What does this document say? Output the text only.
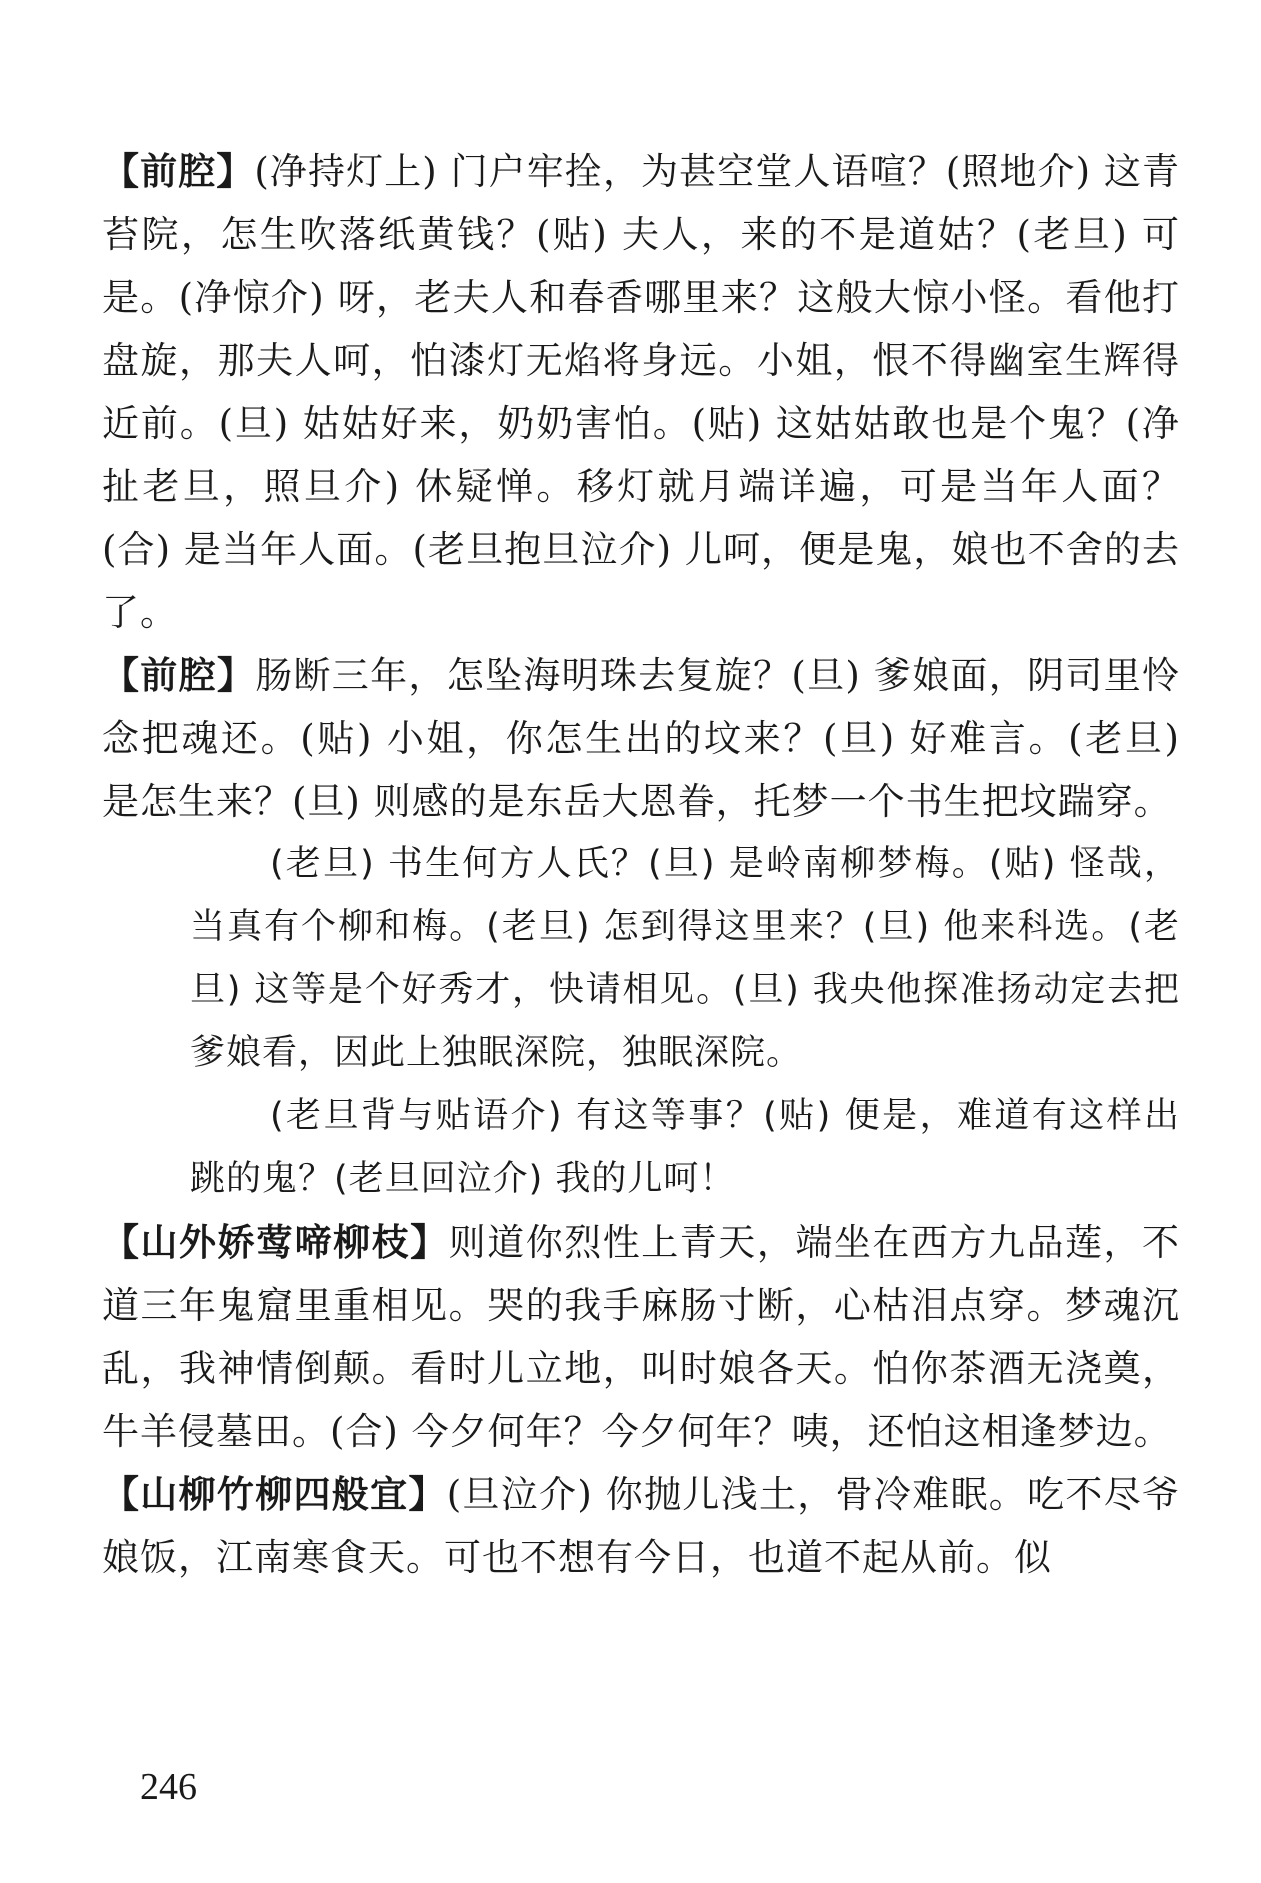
【前腔】(净持灯上) 门户牢拴，为甚空堂人语喧？(照地介) 这青苔院，怎生吹落纸黄钱？(贴) 夫人，来的不是道姑？(老旦) 可是。(净惊介) 呀，老夫人和春香哪里来？这般大惊小怪。看他打盘旋，那夫人呵，怕漆灯无焰将身远。小姐，恨不得幽室生辉得近前。(旦) 姑姑好来，奶奶害怕。(贴) 这姑姑敢也是个鬼？(净扯老旦，照旦介) 休疑惮。移灯就月端详遍，可是当年人面？(合) 是当年人面。(老旦抱旦泣介) 儿呵，便是鬼，娘也不舍的去了。

【前腔】肠断三年，怎坠海明珠去复旋？(旦) 爹娘面，阴司里怜念把魂还。(贴) 小姐，你怎生出的坟来？(旦) 好难言。(老旦) 是怎生来？(旦) 则感的是东岳大恩眷，托梦一个书生把坟踹穿。

(老旦) 书生何方人氏？(旦) 是岭南柳梦梅。(贴) 怪哉，当真有个柳和梅。(老旦) 怎到得这里来？(旦) 他来科选。(老旦) 这等是个好秀才，快请相见。(旦) 我央他探准扬动定去把爹娘看，因此上独眠深院，独眠深院。

(老旦背与贴语介) 有这等事？(贴) 便是，难道有这样出跳的鬼？(老旦回泣介) 我的儿呵！

【山外娇莺啼柳枝】则道你烈性上青天，端坐在西方九品莲，不道三年鬼窟里重相见。哭的我手麻肠寸断，心枯泪点穿。梦魂沉乱，我神情倒颠。看时儿立地，叫时娘各天。怕你茶酒无浇奠，牛羊侵墓田。(合) 今夕何年？今夕何年？咦，还怕这相逢梦边。

【山柳竹柳四般宜】(旦泣介) 你抛儿浅土，骨冷难眠。吃不尽爷娘饭，江南寒食天。可也不想有今日，也道不起从前。似

246
